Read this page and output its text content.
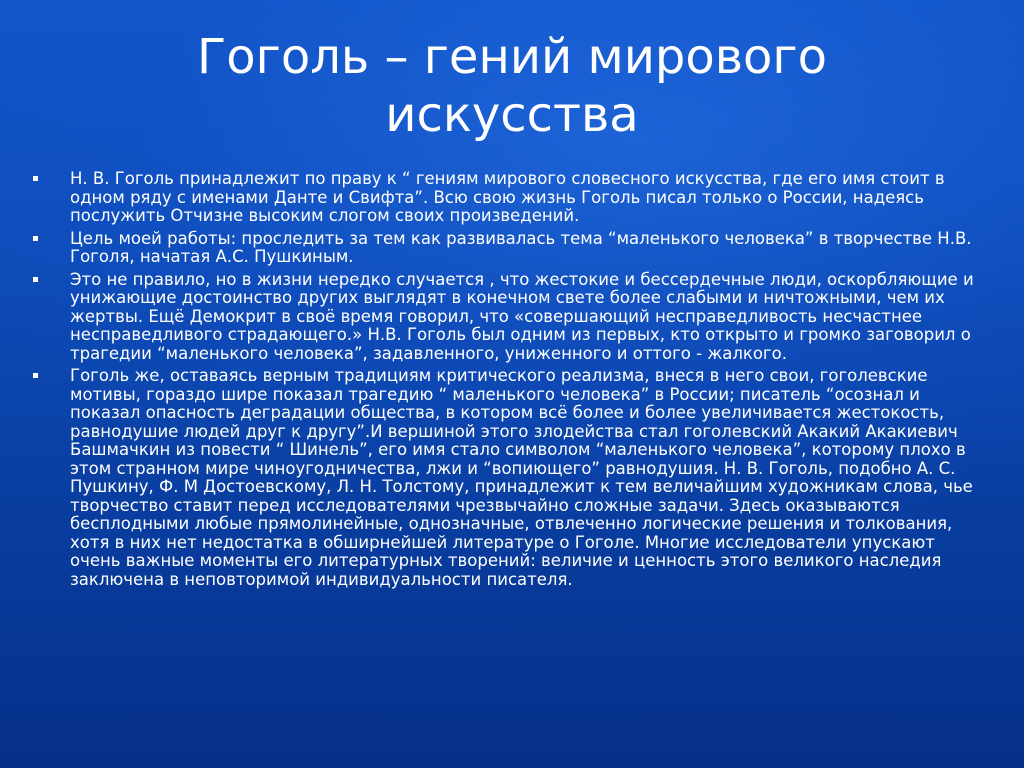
Гоголь – гений мирового искусства
Н. В. Гоголь принадлежит по праву к “ гениям мирового словесного искусства, где его имя стоит в одном ряду с именами Данте и Свифта”. Всю свою жизнь Гоголь писал только о России, надеясь послужить Отчизне высоким слогом своих произведений.
Цель моей работы: проследить за тем как развивалась тема “маленького человека” в творчестве Н.В. Гоголя, начатая А.С. Пушкиным.
Это не правило, но в жизни нередко случается , что жестокие и бессердечные люди, оскорбляющие и унижающие достоинство других выглядят в конечном свете более слабыми и ничтожными, чем их жертвы. Ещё Демокрит в своё время говорил, что «совершающий несправедливость несчастнее несправедливого страдающего.» Н.В. Гоголь был одним из первых, кто открыто и громко заговорил о трагедии “маленького человека”, задавленного, униженного и оттого - жалкого.
Гоголь же, оставаясь верным традициям критического реализма, внеся в него свои, гоголевские мотивы, гораздо шире показал трагедию “ маленького человека” в России; писатель “осознал и показал опасность деградации общества, в котором всё более и более увеличивается жестокость, равнодушие людей друг к другу”.И вершиной этого злодейства стал гоголевский Акакий Акакиевич Башмачкин из повести “ Шинель”, его имя стало символом “маленького человека”, которому плохо в этом странном мире чиноугодничества, лжи и “вопиющего” равнодушия. Н. В. Гоголь, подобно А. С. Пушкину, Ф. М Достоевскому, Л. Н. Толстому, принадлежит к тем величайшим художникам слова, чье творчество ставит перед исследователями чрезвычайно сложные задачи. Здесь оказываются бесплодными любые прямолинейные, однозначные, отвлеченно логические решения и толкования, хотя в них нет недостатка в обширнейшей литературе о Гоголе. Многие исследователи упускают очень важные моменты его литературных творений: величие и ценность этого великого наследия заключена в неповторимой индивидуальности писателя.
